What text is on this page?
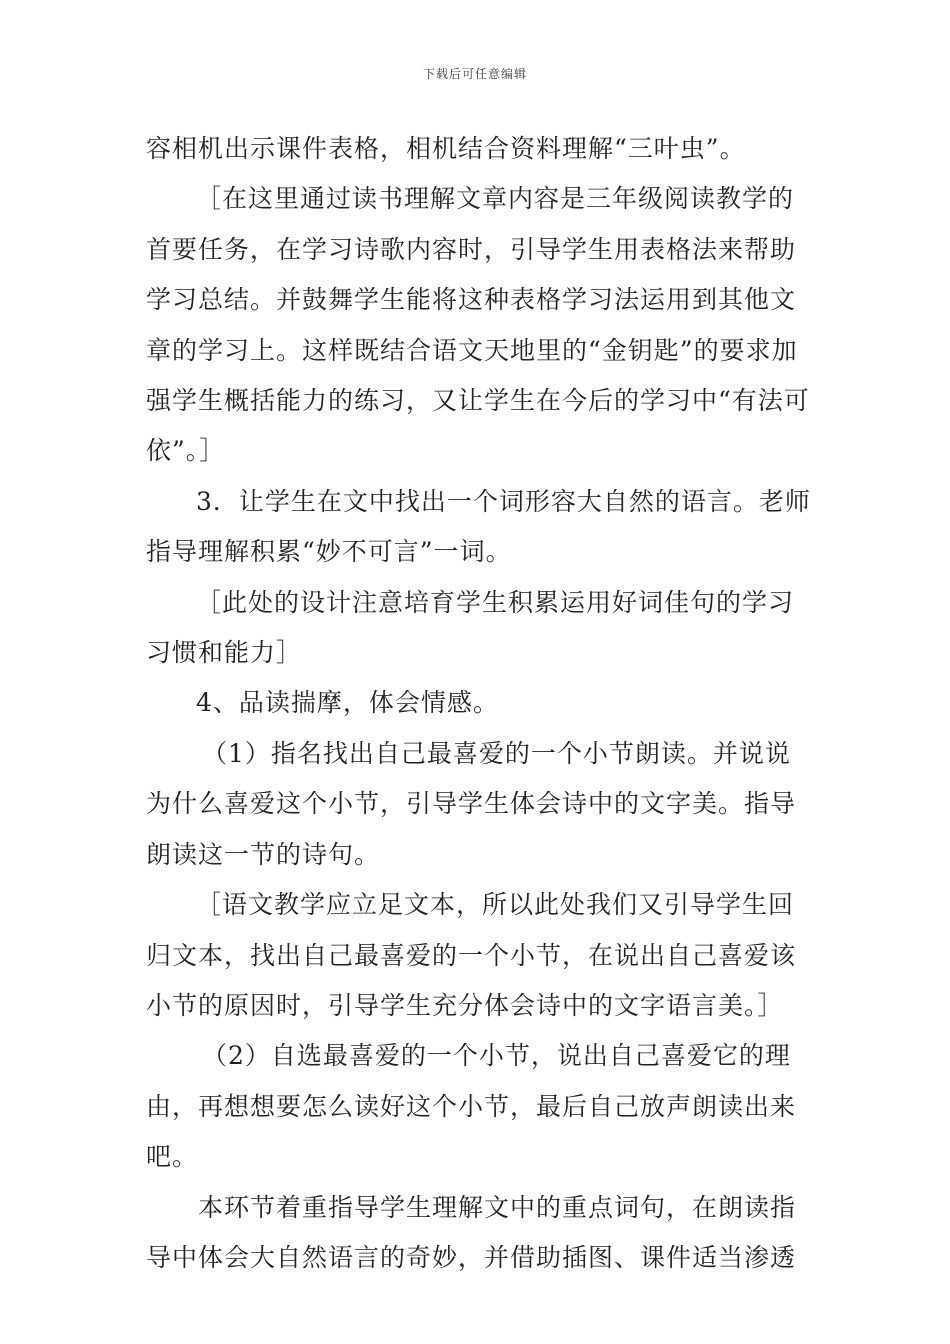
下载后可任意编辑

容相机出示课件表格，相机结合资料理解“三叶虫”。

［在这里通过读书理解文章内容是三年级阅读教学的首要任务，在学习诗歌内容时，引导学生用表格法来帮助学习总结。并鼓舞学生能将这种表格学习法运用到其他文章的学习上。这样既结合语文天地里的“金钥匙”的要求加强学生概括能力的练习，又让学生在今后的学习中“有法可依”。］

3．让学生在文中找出一个词形容大自然的语言。老师指导理解积累“妙不可言”一词。

［此处的设计注意培育学生积累运用好词佳句的学习习惯和能力］

4、品读揣摩，体会情感。

（1）指名找出自己最喜爱的一个小节朗读。并说说为什么喜爱这个小节，引导学生体会诗中的文字美。指导朗读这一节的诗句。

［语文教学应立足文本，所以此处我们又引导学生回归文本，找出自己最喜爱的一个小节，在说出自己喜爱该小节的原因时，引导学生充分体会诗中的文字语言美。］

（2）自选最喜爱的一个小节，说出自己喜爱它的理由，再想想要怎么读好这个小节，最后自己放声朗读出来吧。

本环节着重指导学生理解文中的重点词句，在朗读指导中体会大自然语言的奇妙，并借助插图、课件适当渗透
